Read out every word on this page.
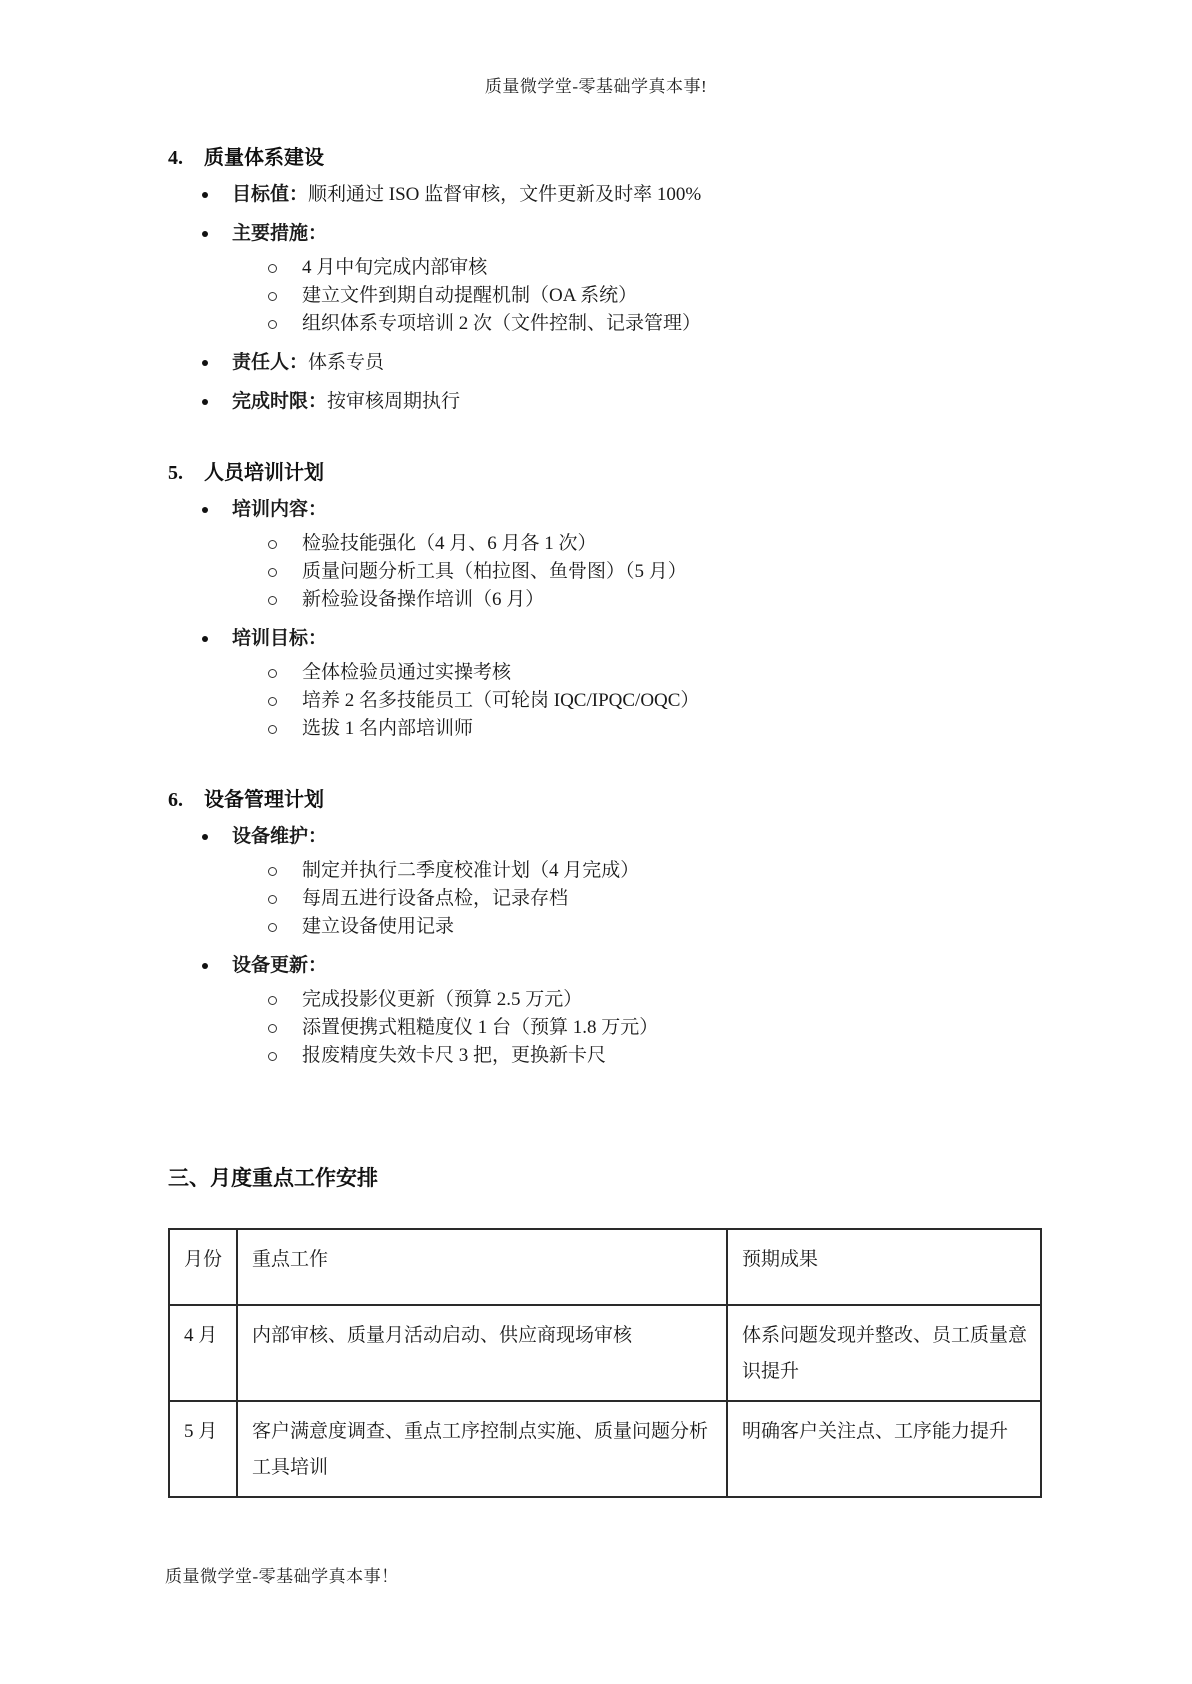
质量微学堂-零基础学真本事!
4.	质量体系建设
目标值：顺利通过 ISO 监督审核，文件更新及时率 100%
主要措施：
4 月中旬完成内部审核
建立文件到期自动提醒机制（OA 系统）
组织体系专项培训 2 次（文件控制、记录管理）
责任人：体系专员
完成时限：按审核周期执行
5.	人员培训计划
培训内容：
检验技能强化（4 月、6 月各 1 次）
质量问题分析工具（柏拉图、鱼骨图）（5 月）
新检验设备操作培训（6 月）
培训目标：
全体检验员通过实操考核
培养 2 名多技能员工（可轮岗 IQC/IPQC/OQC）
选拔 1 名内部培训师
6.	设备管理计划
设备维护：
制定并执行二季度校准计划（4 月完成）
每周五进行设备点检，记录存档
建立设备使用记录
设备更新：
完成投影仪更新（预算 2.5 万元）
添置便携式粗糙度仪 1 台（预算 1.8 万元）
报废精度失效卡尺 3 把，更换新卡尺
三、月度重点工作安排
月份	重点工作	预期成果
4 月	内部审核、质量月活动启动、供应商现场审核	体系问题发现并整改、员工质量意识提升
5 月	客户满意度调查、重点工序控制点实施、质量问题分析工具培训	明确客户关注点、工序能力提升
质量微学堂-零基础学真本事！
